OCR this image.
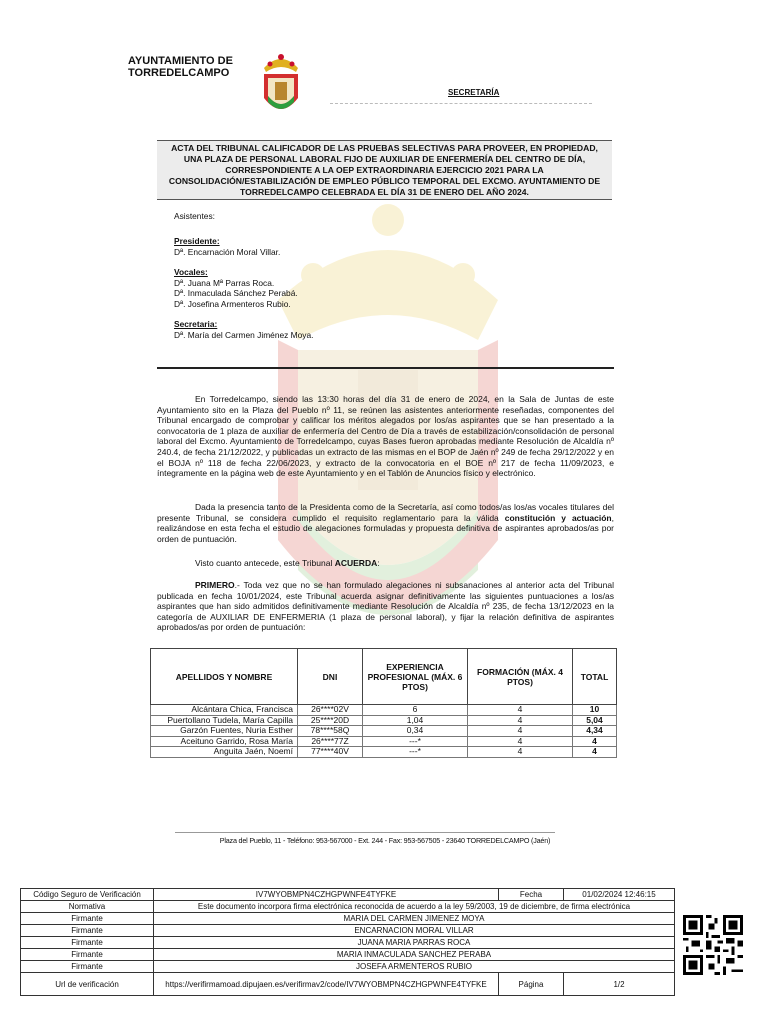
AYUNTAMIENTO DE
TORREDELCAMPO
SECRETARÍA
ACTA DEL TRIBUNAL CALIFICADOR DE LAS PRUEBAS SELECTIVAS PARA PROVEER, EN PROPIEDAD, UNA PLAZA DE PERSONAL LABORAL FIJO DE AUXILIAR DE ENFERMERÍA DEL CENTRO DE DÍA, CORRESPONDIENTE A LA OEP EXTRAORDINARIA EJERCICIO 2021 PARA LA CONSOLIDACIÓN/ESTABILIZACIÓN DE EMPLEO PÚBLICO TEMPORAL DEL EXCMO. AYUNTAMIENTO DE TORREDELCAMPO CELEBRADA EL DÍA 31 DE ENERO DEL AÑO 2024.
Asistentes:
Presidente:
Dª. Encarnación Moral Villar.
Vocales:
Dª. Juana Mª Parras Roca.
Dª. Inmaculada Sánchez Perabá.
Dª. Josefina Armenteros Rubio.
Secretaria:
Dª. María del Carmen Jiménez Moya.
En Torredelcampo, siendo las 13:30 horas del día 31 de enero de 2024, en la Sala de Juntas de este Ayuntamiento sito en la Plaza del Pueblo nº 11, se reúnen las asistentes anteriormente reseñadas, componentes del Tribunal encargado de comprobar y calificar los méritos alegados por los/as aspirantes que se han presentado a la convocatoria de 1 plaza de auxiliar de enfermería del Centro de Día a través de estabilización/consolidación de personal laboral del Excmo. Ayuntamiento de Torredelcampo, cuyas Bases fueron aprobadas mediante Resolución de Alcaldía nº 240.4, de fecha 21/12/2022, y publicadas un extracto de las mismas en el BOP de Jaén nº 249 de fecha 29/12/2022 y en el BOJA nº 118 de fecha 22/06/2023, y extracto de la convocatoria en el BOE nº 217 de fecha 11/09/2023, e íntegramente en la página web de este Ayuntamiento y en el Tablón de Anuncios físico y electrónico.
Dada la presencia tanto de la Presidenta como de la Secretaría, así como todos/as los/as vocales titulares del presente Tribunal, se considera cumplido el requisito reglamentario para la válida constitución y actuación, realizándose en esta fecha el estudio de alegaciones formuladas y propuesta definitiva de aspirantes aprobados/as por orden de puntuación.
Visto cuanto antecede, este Tribunal ACUERDA:
PRIMERO.- Toda vez que no se han formulado alegaciones ni subsanaciones al anterior acta del Tribunal publicada en fecha 10/01/2024, este Tribunal acuerda asignar definitivamente las siguientes puntuaciones a los/as aspirantes que han sido admitidos definitivamente mediante Resolución de Alcaldía nº 235, de fecha 13/12/2023 en la categoría de AUXILIAR DE ENFERMERIA (1 plaza de personal laboral), y fijar la relación definitiva de aspirantes aprobados/as por orden de puntuación:
APELLIDOS Y NOMBRE	DNI	EXPERIENCIA PROFESIONAL (MÁX. 6 PTOS)	FORMACIÓN (MÁX. 4 PTOS)	TOTAL
Alcántara Chica, Francisca	26****02V	6	4	10
Puertollano Tudela, María Capilla	25****20D	1,04	4	5,04
Garzón Fuentes, Nuria Esther	78****58Q	0,34	4	4,34
Aceituno Garrido, Rosa María	26****77Z	---*	4	4
Anguita Jaén, Noemí	77****40V	---*	4	4
Plaza del Pueblo, 11 - Teléfono: 953-567000 - Ext. 244 - Fax: 953-567505 - 23640 TORREDELCAMPO (Jaén)
Código Seguro de Verificación	IV7WYOBMPN4CZHGPWNFE4TYFKE	Fecha	01/02/2024 12:46:15
Normativa	Este documento incorpora firma electrónica reconocida de acuerdo a la ley 59/2003, 19 de diciembre, de firma electrónica		
Firmante	MARIA DEL CARMEN JIMENEZ MOYA		
Firmante	ENCARNACION MORAL VILLAR		
Firmante	JUANA MARIA PARRAS ROCA		
Firmante	MARIA INMACULADA SANCHEZ PERABA		
Firmante	JOSEFA ARMENTEROS RUBIO		
Url de verificación	https://verifirmamoad.dipujaen.es/verifirmav2/code/IV7WYOBMPN4CZHGPWNFE4TYFKE	Página	1/2
